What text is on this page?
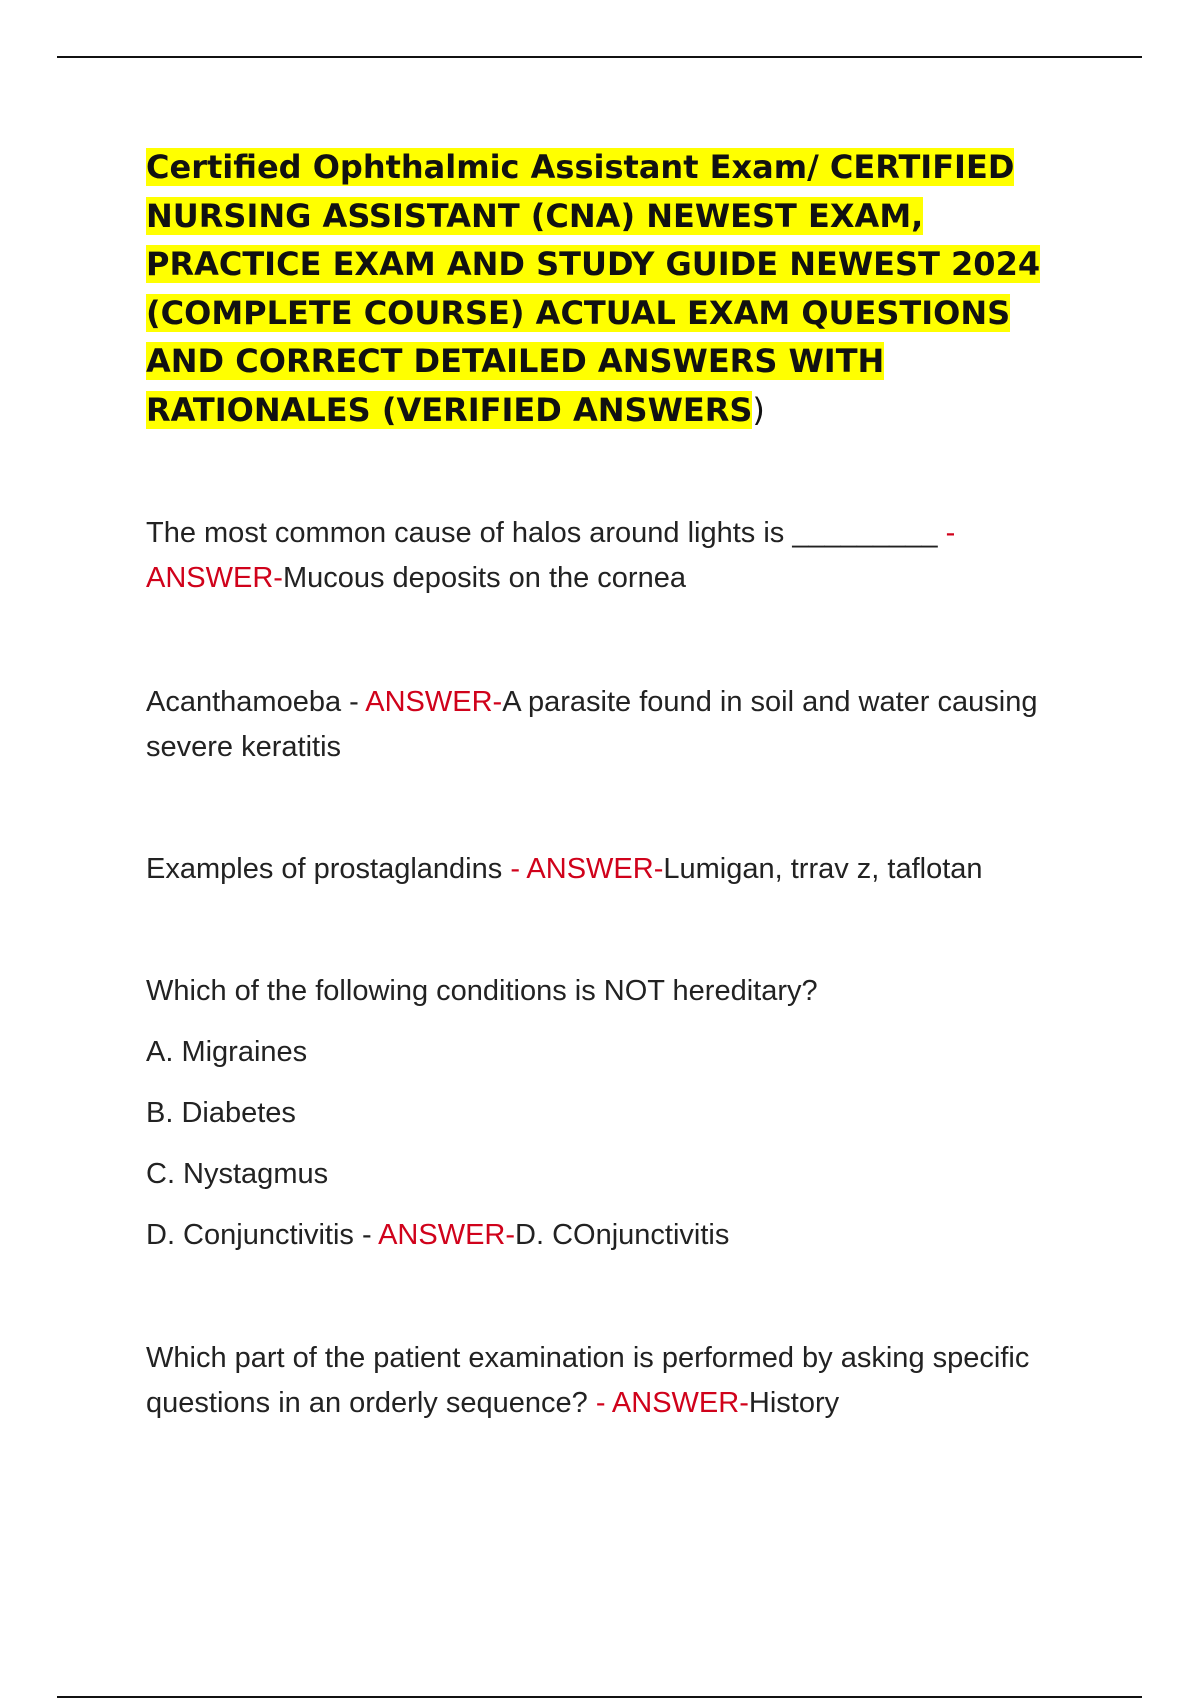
Certified Ophthalmic Assistant Exam/ CERTIFIED NURSING ASSISTANT (CNA) NEWEST EXAM, PRACTICE EXAM AND STUDY GUIDE NEWEST 2024 (COMPLETE COURSE) ACTUAL EXAM QUESTIONS AND CORRECT DETAILED ANSWERS WITH RATIONALES (VERIFIED ANSWERS)

The most common cause of halos around lights is _________ - ANSWER-Mucous deposits on the cornea

Acanthamoeba - ANSWER-A parasite found in soil and water causing severe keratitis

Examples of prostaglandins - ANSWER-Lumigan, trrav z, taflotan

Which of the following conditions is NOT hereditary?

A. Migraines

B. Diabetes

C. Nystagmus

D. Conjunctivitis - ANSWER-D. COnjunctivitis

Which part of the patient examination is performed by asking specific questions in an orderly sequence? - ANSWER-History
